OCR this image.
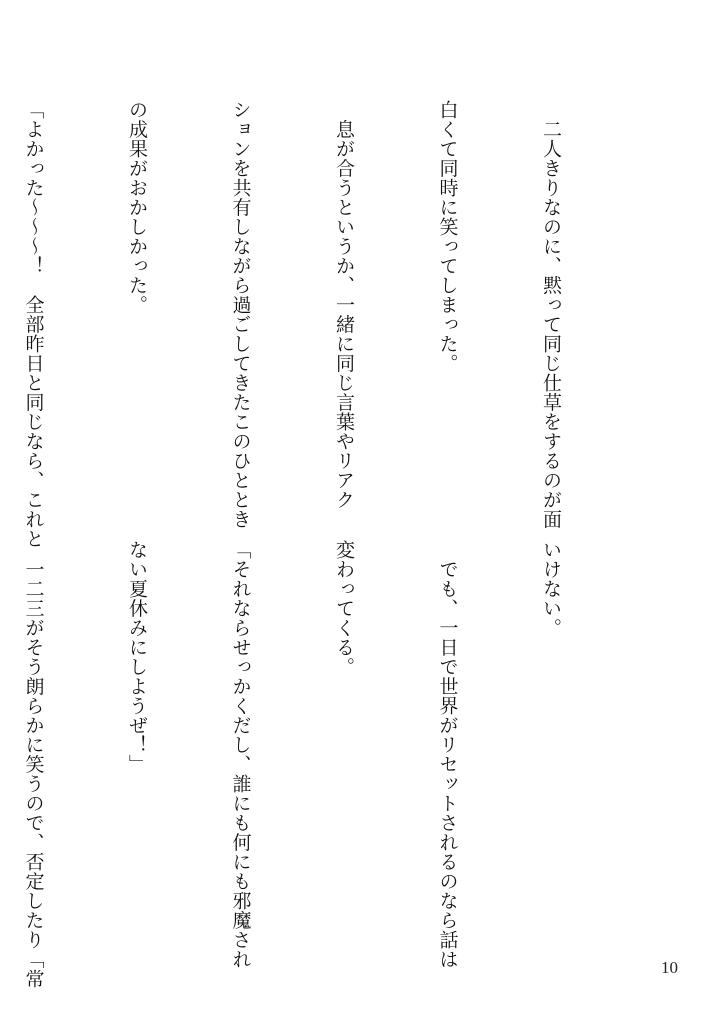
　二人きりなのに、黙って同じ仕草をするのが面

白くて同時に笑ってしまった。

　息が合うというか、一緒に同じ言葉やリアク

ションを共有しながら過ごしてきたこのひととき

の成果がおかしかった。

「よかった～～～！　全部昨日と同じなら、これと

いけない。

　でも、一日で世界がリセットされるのなら話は

変わってくる。

「それならせっかくだし、誰にも何にも邪魔され

ない夏休みにしようぜ！」

　一二三がそう朗らかに笑うので、否定したり「常

	10
